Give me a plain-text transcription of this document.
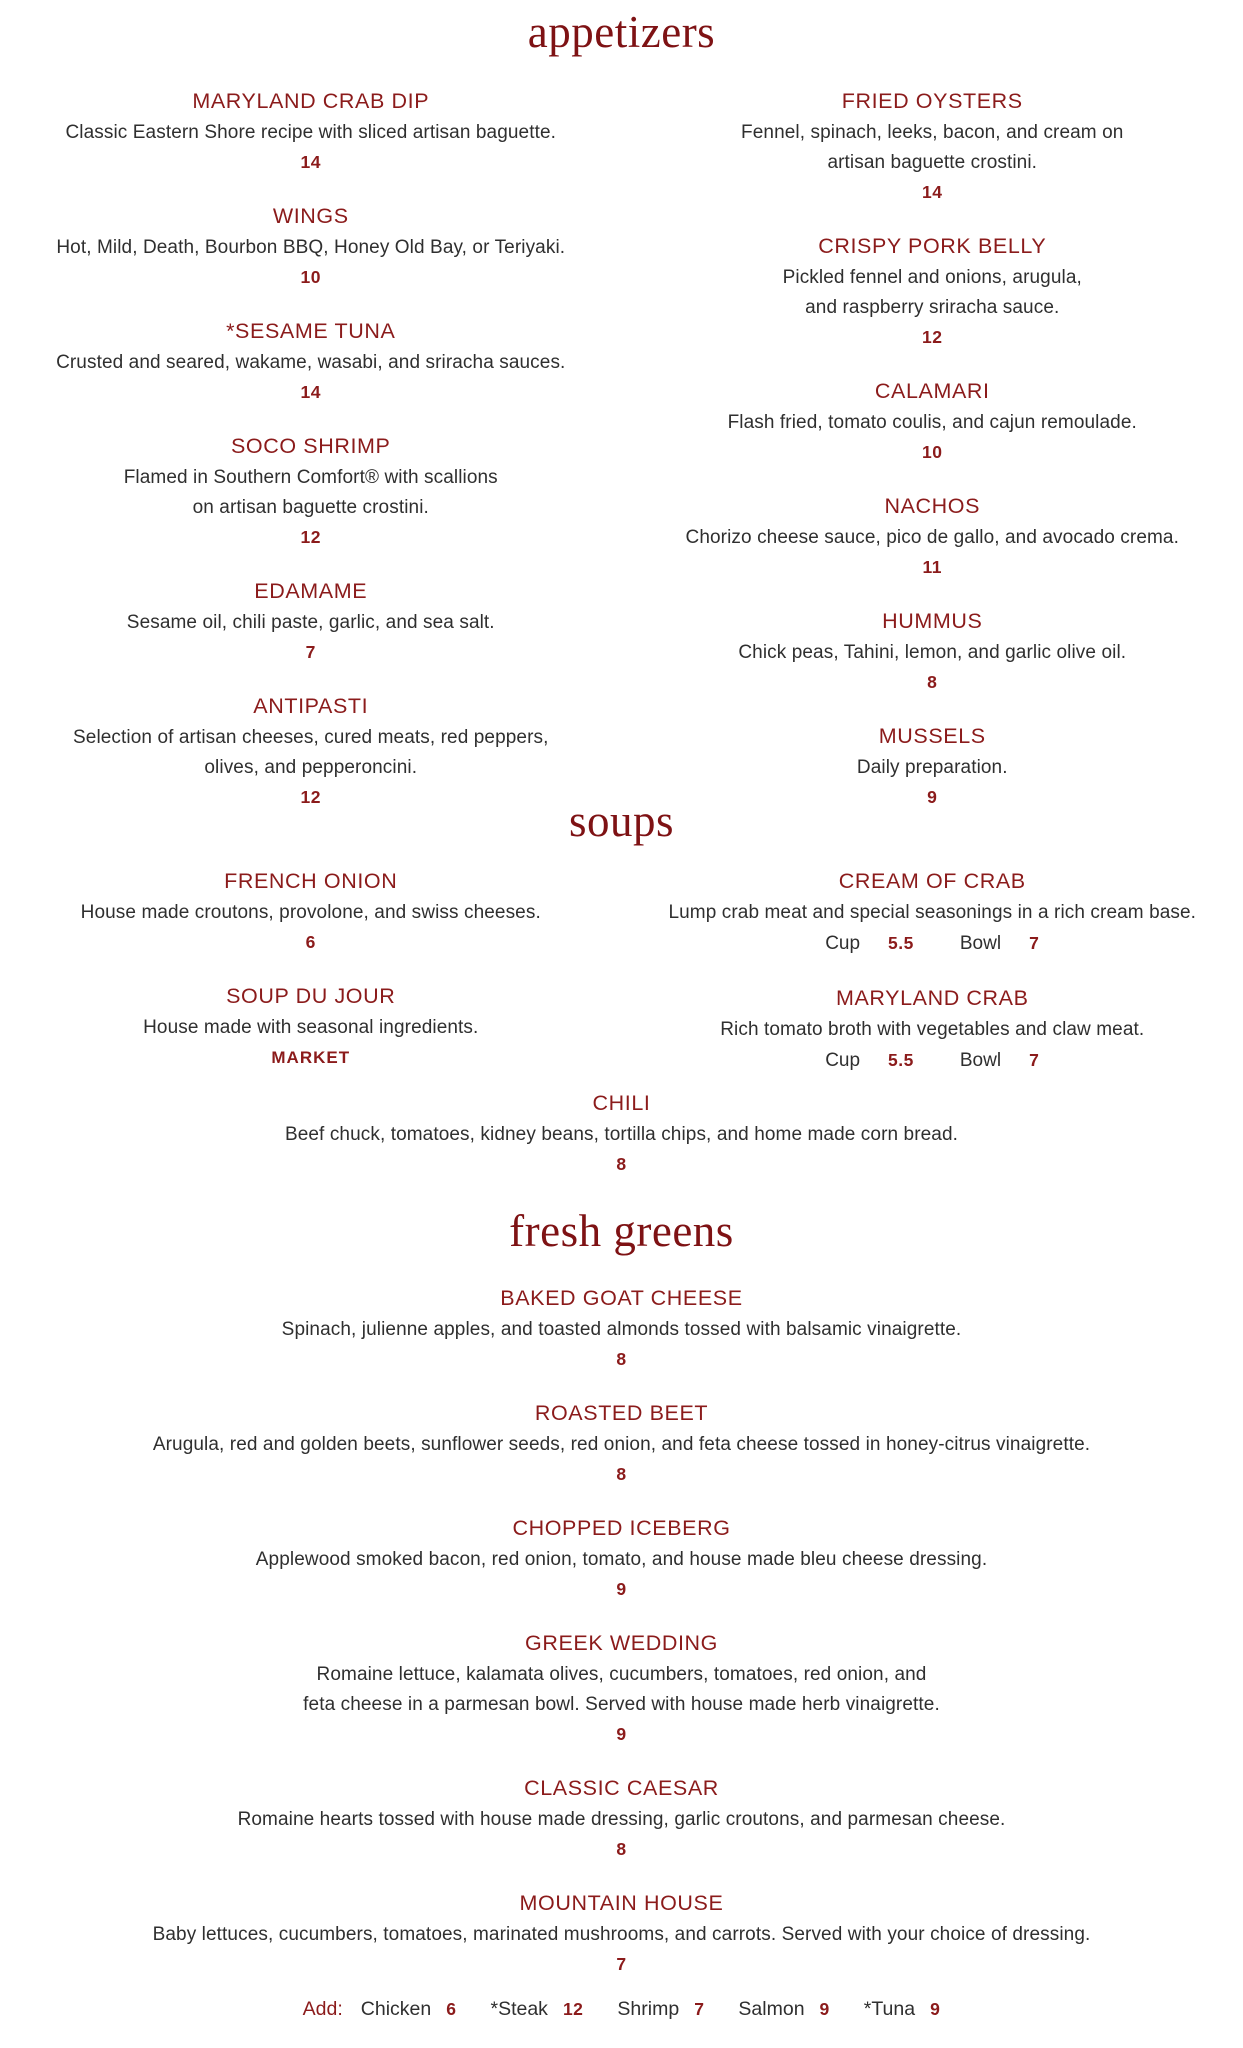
appetizers
MARYLAND CRAB DIP
Classic Eastern Shore recipe with sliced artisan baguette.
14
WINGS
Hot, Mild, Death, Bourbon BBQ, Honey Old Bay, or Teriyaki.
10
*SESAME TUNA
Crusted and seared, wakame, wasabi, and sriracha sauces.
14
SOCO SHRIMP
Flamed in Southern Comfort® with scallions
on artisan baguette crostini.
12
EDAMAME
Sesame oil, chili paste, garlic, and sea salt.
7
ANTIPASTI
Selection of artisan cheeses, cured meats, red peppers,
olives, and pepperoncini.
12
FRIED OYSTERS
Fennel, spinach, leeks, bacon, and cream on
artisan baguette crostini.
14
CRISPY PORK BELLY
Pickled fennel and onions, arugula,
and raspberry sriracha sauce.
12
CALAMARI
Flash fried, tomato coulis, and cajun remoulade.
10
NACHOS
Chorizo cheese sauce, pico de gallo, and avocado crema.
11
HUMMUS
Chick peas, Tahini, lemon, and garlic olive oil.
8
MUSSELS
Daily preparation.
9
soups
FRENCH ONION
House made croutons, provolone, and swiss cheeses.
6
SOUP DU JOUR
House made with seasonal ingredients.
MARKET
CREAM OF CRAB
Lump crab meat and special seasonings in a rich cream base.
Cup 5.5 Bowl 7
MARYLAND CRAB
Rich tomato broth with vegetables and claw meat.
Cup 5.5 Bowl 7
CHILI
Beef chuck, tomatoes, kidney beans, tortilla chips, and home made corn bread.
8
fresh greens
BAKED GOAT CHEESE
Spinach, julienne apples, and toasted almonds tossed with balsamic vinaigrette.
8
ROASTED BEET
Arugula, red and golden beets, sunflower seeds, red onion, and feta cheese tossed in honey-citrus vinaigrette.
8
CHOPPED ICEBERG
Applewood smoked bacon, red onion, tomato, and house made bleu cheese dressing.
9
GREEK WEDDING
Romaine lettuce, kalamata olives, cucumbers, tomatoes, red onion, and
feta cheese in a parmesan bowl. Served with house made herb vinaigrette.
9
CLASSIC CAESAR
Romaine hearts tossed with house made dressing, garlic croutons, and parmesan cheese.
8
MOUNTAIN HOUSE
Baby lettuces, cucumbers, tomatoes, marinated mushrooms, and carrots. Served with your choice of dressing.
7
Add: Chicken 6 *Steak 12 Shrimp 7 Salmon 9 *Tuna 9
